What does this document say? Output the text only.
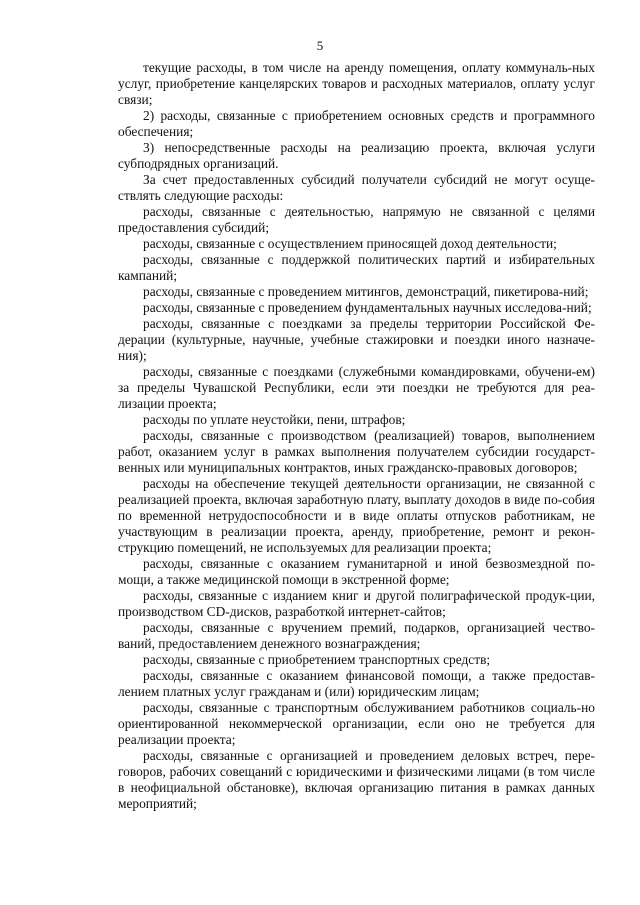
5

текущие расходы, в том числе на аренду помещения, оплату коммуналь-ных услуг, приобретение канцелярских товаров и расходных материалов, оплату услуг связи;

2) расходы, связанные с приобретением основных средств и программного обеспечения;

3) непосредственные расходы на реализацию проекта, включая услуги субподрядных организаций.

За счет предоставленных субсидий получатели субсидий не могут осуще-ствлять следующие расходы:

расходы, связанные с деятельностью, напрямую не связанной с целями предоставления субсидий;

расходы, связанные с осуществлением приносящей доход деятельности;

расходы, связанные с поддержкой политических партий и избирательных кампаний;

расходы, связанные с проведением митингов, демонстраций, пикетирова-ний;

расходы, связанные с проведением фундаментальных научных исследова-ний;

расходы, связанные с поездками за пределы территории Российской Фе-дерации (культурные, научные, учебные стажировки и поездки иного назначе-ния);

расходы, связанные с поездками (служебными командировками, обучени-ем) за пределы Чувашской Республики, если эти поездки не требуются для реа-лизации проекта;

расходы по уплате неустойки, пени, штрафов;

расходы, связанные с производством (реализацией) товаров, выполнением работ, оказанием услуг в рамках выполнения получателем субсидии государст-венных или муниципальных контрактов, иных гражданско-правовых договоров;

расходы на обеспечение текущей деятельности организации, не связанной с реализацией проекта, включая заработную плату, выплату доходов в виде по-собия по временной нетрудоспособности и в виде оплаты отпусков работникам, не участвующим в реализации проекта, аренду, приобретение, ремонт и рекон-струкцию помещений, не используемых для реализации проекта;

расходы, связанные с оказанием гуманитарной и иной безвозмездной по-мощи, а также медицинской помощи в экстренной форме;

расходы, связанные с изданием книг и другой полиграфической продук-ции, производством CD-дисков, разработкой интернет-сайтов;

расходы, связанные с вручением премий, подарков, организацией чество-ваний, предоставлением денежного вознаграждения;

расходы, связанные с приобретением транспортных средств;

расходы, связанные с оказанием финансовой помощи, а также предостав-лением платных услуг гражданам и (или) юридическим лицам;

расходы, связанные с транспортным обслуживанием работников социаль-но ориентированной некоммерческой организации, если оно не требуется для реализации проекта;

расходы, связанные с организацией и проведением деловых встреч, пере-говоров, рабочих совещаний с юридическими и физическими лицами (в том числе в неофициальной обстановке), включая организацию питания в рамках данных мероприятий;
